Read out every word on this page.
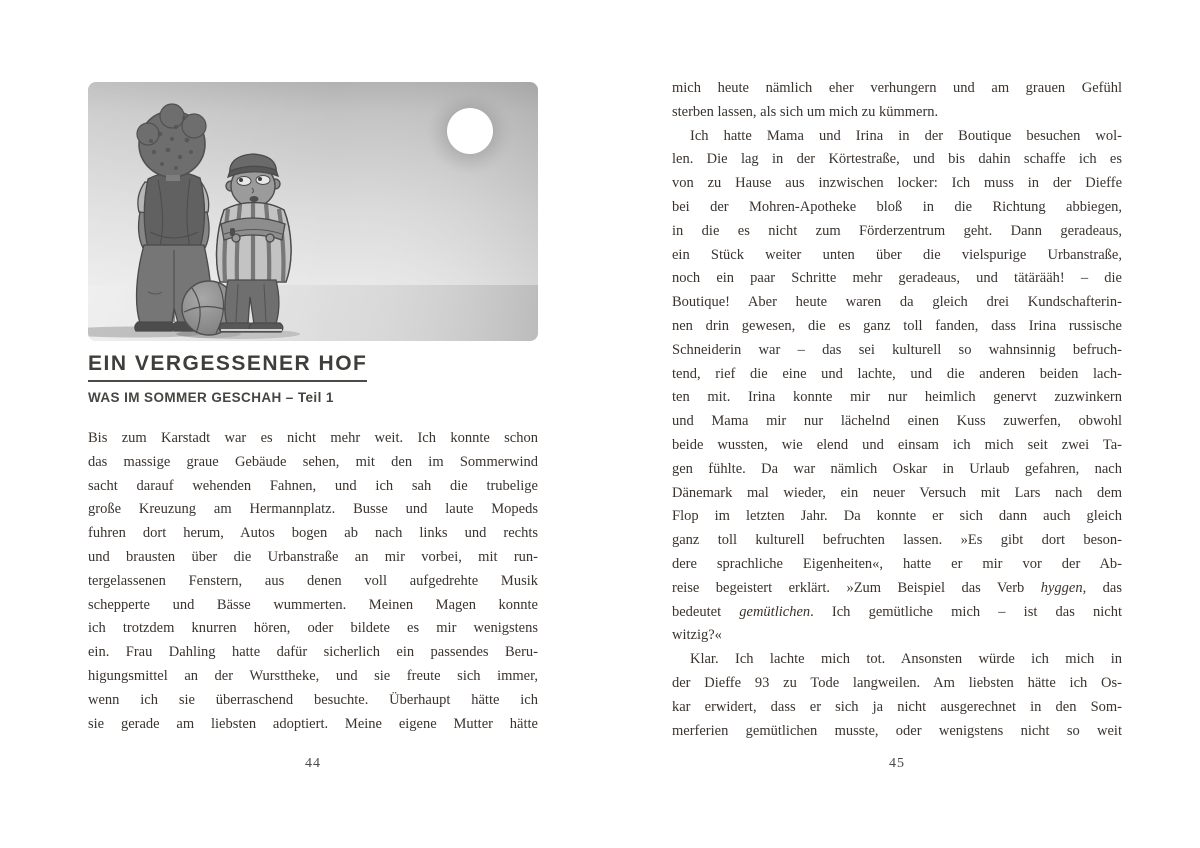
EIN VERGESSENER HOF
WAS IM SOMMER GESCHAH – Teil 1
Bis zum Karstadt war es nicht mehr weit. Ich konnte schon
das massige graue Gebäude sehen, mit den im Sommerwind
sacht darauf wehenden Fahnen, und ich sah die trubelige
große Kreuzung am Hermannplatz. Busse und laute Mopeds
fuhren dort herum, Autos bogen ab nach links und rechts
und brausten über die Urbanstraße an mir vorbei, mit run-
tergelassenen Fenstern, aus denen voll aufgedrehte Musik
schepperte und Bässe wummerten. Meinen Magen konnte
ich trotzdem knurren hören, oder bildete es mir wenigstens
ein. Frau Dahling hatte dafür sicherlich ein passendes Beru-
higungsmittel an der Wursttheke, und sie freute sich immer,
wenn ich sie überraschend besuchte. Überhaupt hätte ich
sie gerade am liebsten adoptiert. Meine eigene Mutter hätte
44
mich heute nämlich eher verhungern und am grauen Gefühl
sterben lassen, als sich um mich zu kümmern.
Ich hatte Mama und Irina in der Boutique besuchen wol-
len. Die lag in der Körtestraße, und bis dahin schaffe ich es
von zu Hause aus inzwischen locker: Ich muss in der Dieffe
bei der Mohren-Apotheke bloß in die Richtung abbiegen,
in die es nicht zum Förderzentrum geht. Dann geradeaus,
ein Stück weiter unten über die vielspurige Urbanstraße,
noch ein paar Schritte mehr geradeaus, und tätärääh! – die
Boutique! Aber heute waren da gleich drei Kundschafterin-
nen drin gewesen, die es ganz toll fanden, dass Irina russische
Schneiderin war – das sei kulturell so wahnsinnig befruch-
tend, rief die eine und lachte, und die anderen beiden lach-
ten mit. Irina konnte mir nur heimlich genervt zuzwinkern
und Mama mir nur lächelnd einen Kuss zuwerfen, obwohl
beide wussten, wie elend und einsam ich mich seit zwei Ta-
gen fühlte. Da war nämlich Oskar in Urlaub gefahren, nach
Dänemark mal wieder, ein neuer Versuch mit Lars nach dem
Flop im letzten Jahr. Da konnte er sich dann auch gleich
ganz toll kulturell befruchten lassen. »Es gibt dort beson-
dere sprachliche Eigenheiten«, hatte er mir vor der Ab-
reise begeistert erklärt. »Zum Beispiel das Verb hyggen, das
bedeutet gemütlichen. Ich gemütliche mich – ist das nicht
witzig?«
Klar. Ich lachte mich tot. Ansonsten würde ich mich in
der Dieffe 93 zu Tode langweilen. Am liebsten hätte ich Os-
kar erwidert, dass er sich ja nicht ausgerechnet in den Som-
merferien gemütlichen musste, oder wenigstens nicht so weit
45
